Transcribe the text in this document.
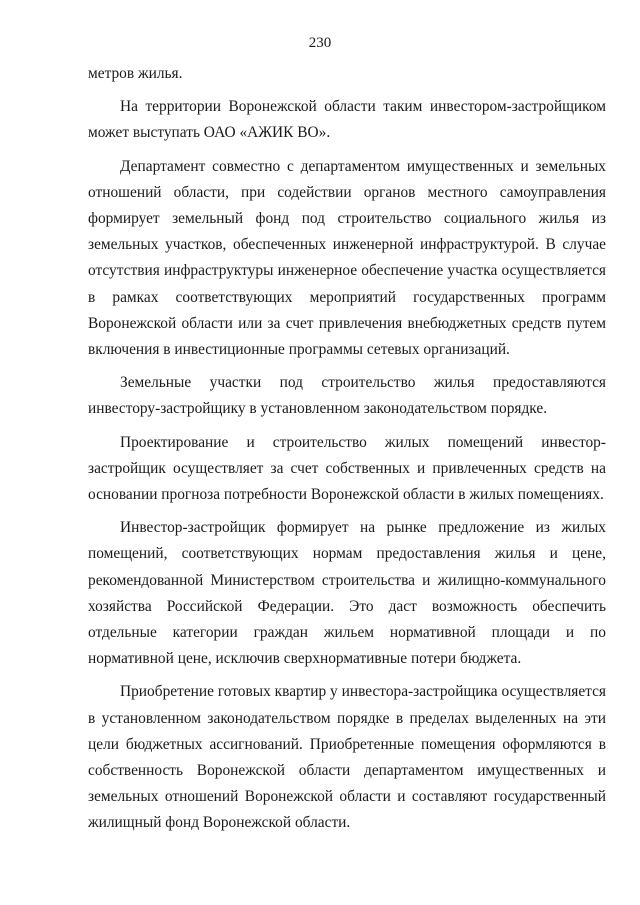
230

метров жилья.

На территории Воронежской области таким инвестором-застройщиком может выступать ОАО «АЖИК ВО».

Департамент совместно с департаментом имущественных и земельных отношений области, при содействии органов местного самоуправления формирует земельный фонд под строительство социального жилья из земельных участков, обеспеченных инженерной инфраструктурой. В случае отсутствия инфраструктуры инженерное обеспечение участка осуществляется в рамках соответствующих мероприятий государственных программ Воронежской области или за счет привлечения внебюджетных средств путем включения в инвестиционные программы сетевых организаций.

Земельные участки под строительство жилья предоставляются инвестору-застройщику в установленном законодательством порядке.

Проектирование и строительство жилых помещений инвестор-застройщик осуществляет за счет собственных и привлеченных средств на основании прогноза потребности Воронежской области в жилых помещениях.

Инвестор-застройщик формирует на рынке предложение из жилых помещений, соответствующих нормам предоставления жилья и цене, рекомендованной Министерством строительства и жилищно-коммунального хозяйства Российской Федерации. Это даст возможность обеспечить отдельные категории граждан жильем нормативной площади и по нормативной цене, исключив сверхнормативные потери бюджета.

Приобретение готовых квартир у инвестора-застройщика осуществляется в установленном законодательством порядке в пределах выделенных на эти цели бюджетных ассигнований. Приобретенные помещения оформляются в собственность Воронежской области департаментом имущественных и земельных отношений Воронежской области и составляют государственный жилищный фонд Воронежской области.
